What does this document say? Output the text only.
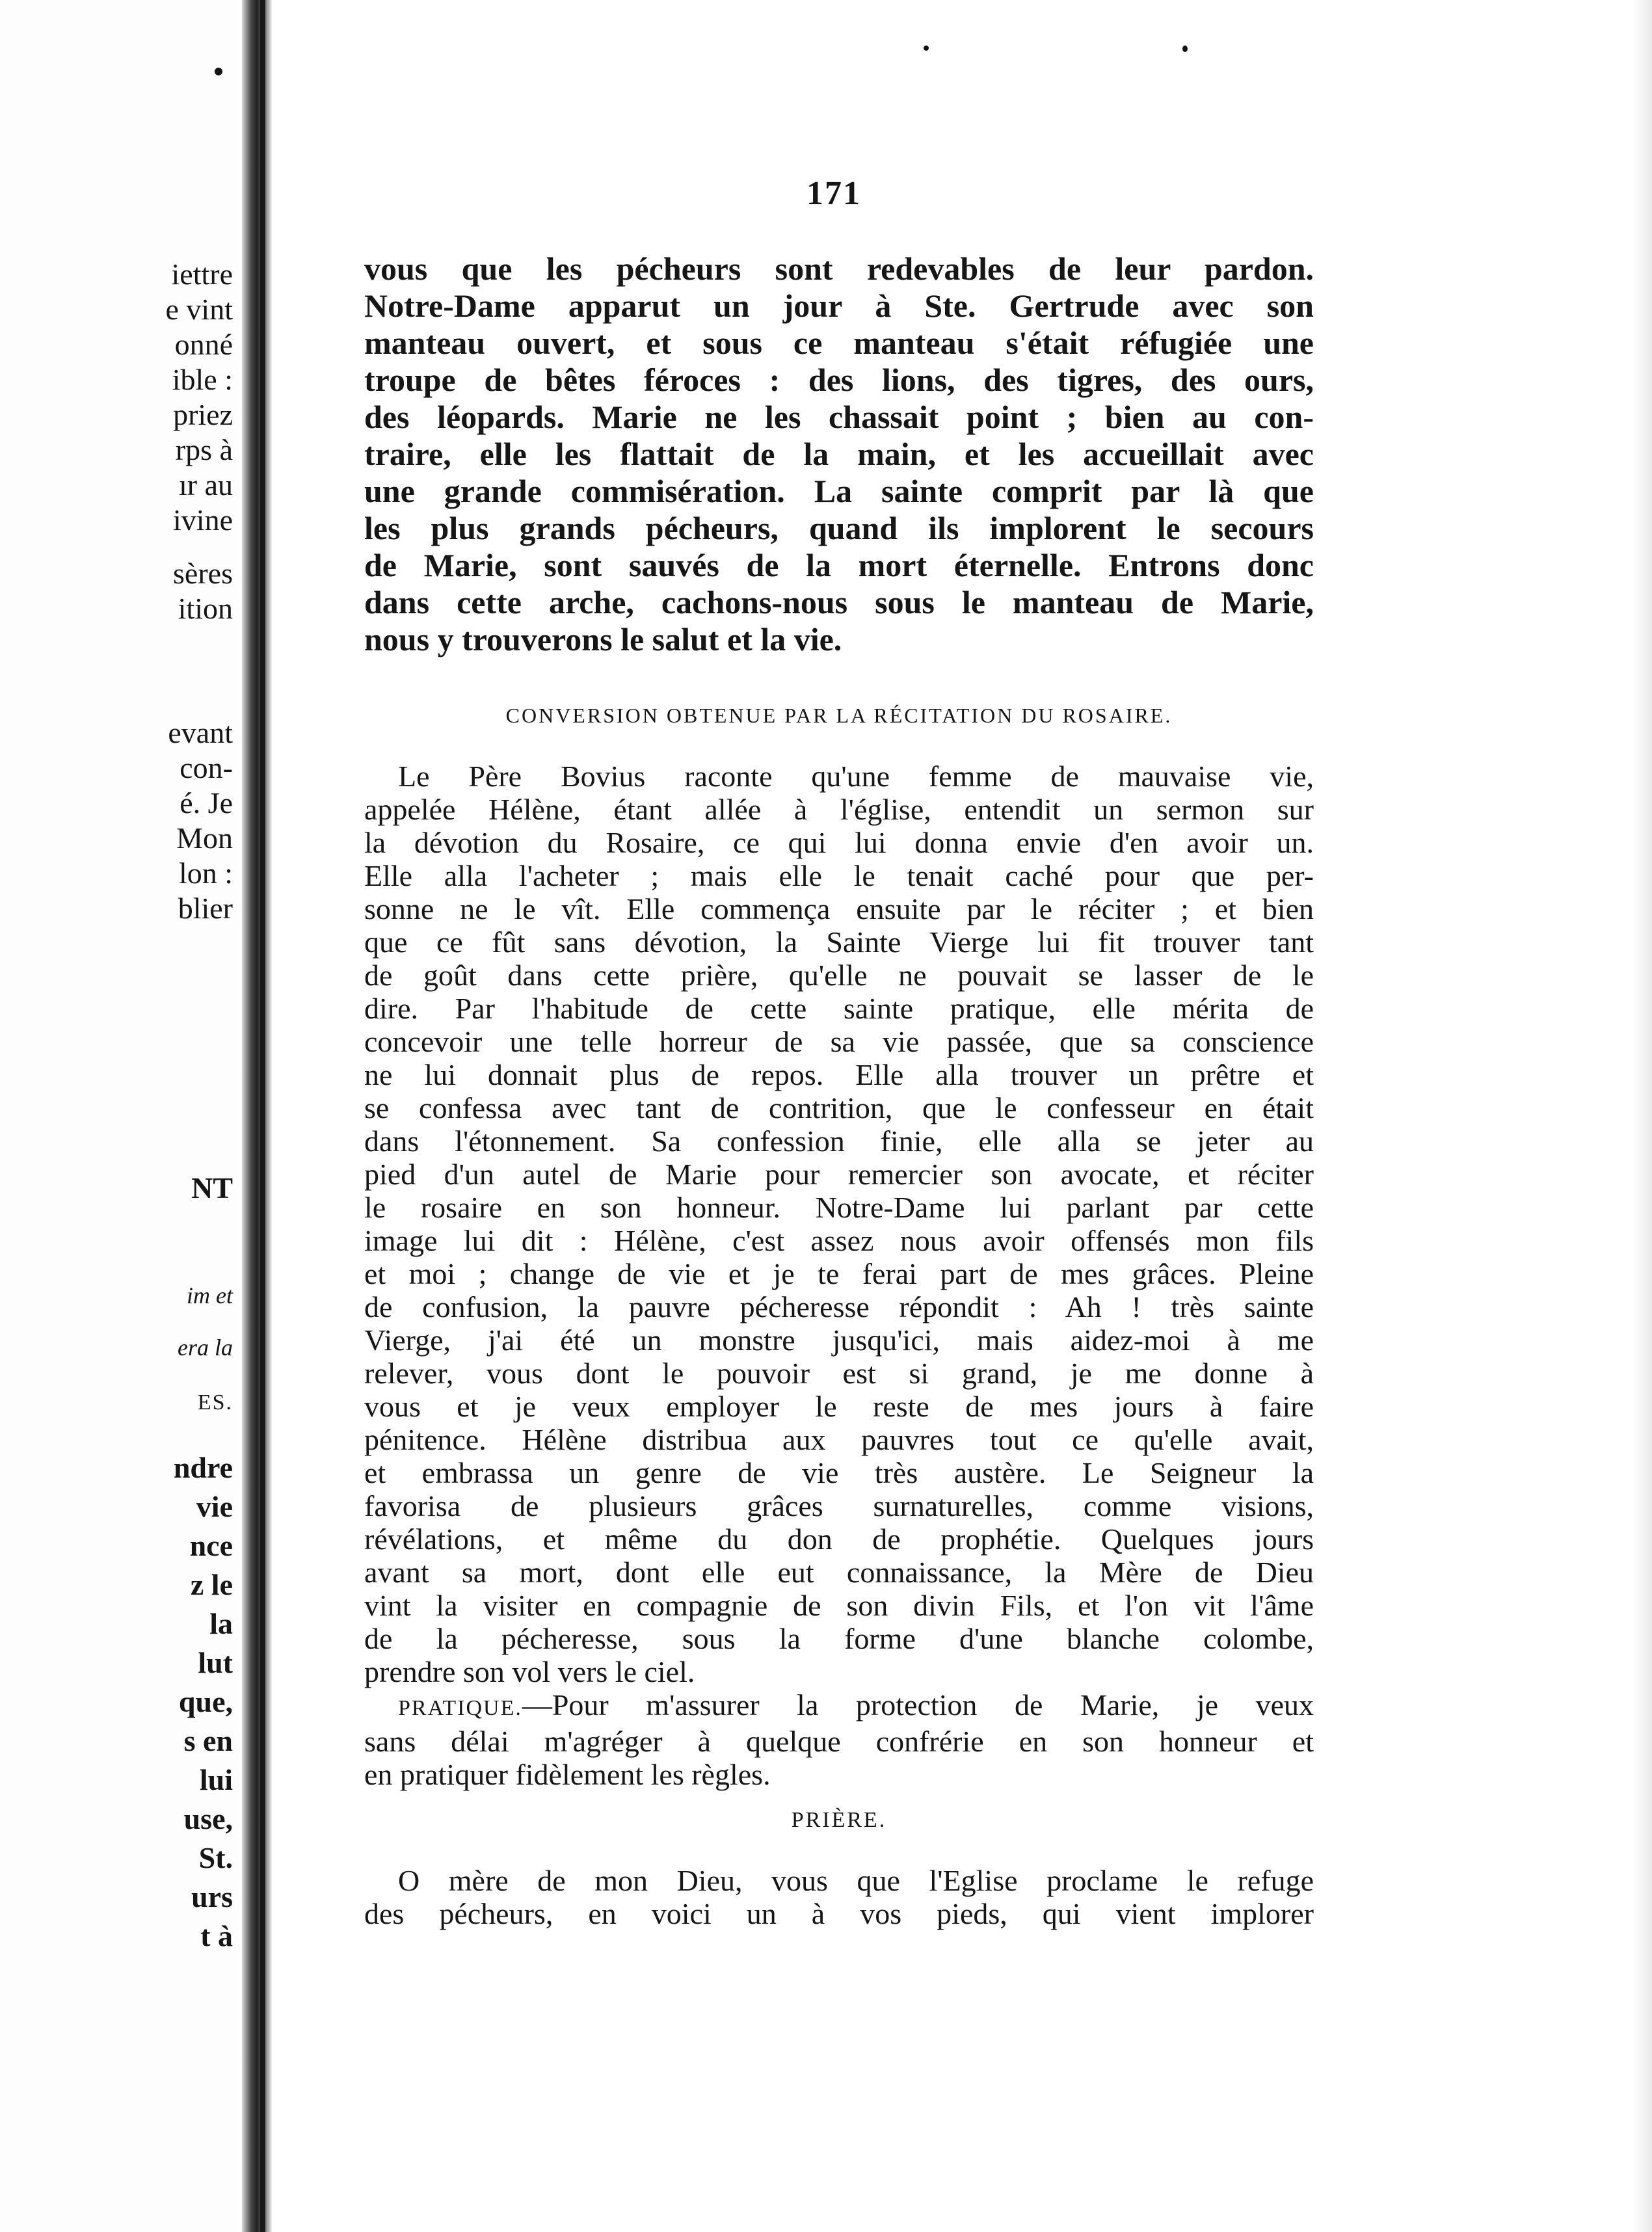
iettre
e vint
onné
ible :
priez
rps à
ır au
ivine
sères
ition
evant
con-
é. Je
Mon
lon :
blier
NT
im et
era la
ES.
ndre
vie
nce
z le
la
lut
que,
s en
lui
use,
St.
urs
t à
171
vous que les pécheurs sont redevables de leur pardon.
Notre-Dame apparut un jour à Ste. Gertrude avec son
manteau ouvert, et sous ce manteau s'était réfugiée une
troupe de bêtes féroces : des lions, des tigres, des ours,
des léopards. Marie ne les chassait point ; bien au con-
traire, elle les flattait de la main, et les accueillait avec
une grande commisération. La sainte comprit par là que
les plus grands pécheurs, quand ils implorent le secours
de Marie, sont sauvés de la mort éternelle. Entrons donc
dans cette arche, cachons-nous sous le manteau de Marie,
nous y trouverons le salut et la vie.
CONVERSION OBTENUE PAR LA RÉCITATION DU ROSAIRE.
Le Père Bovius raconte qu'une femme de mauvaise vie,
appelée Hélène, étant allée à l'église, entendit un sermon sur
la dévotion du Rosaire, ce qui lui donna envie d'en avoir un.
Elle alla l'acheter ; mais elle le tenait caché pour que per-
sonne ne le vît. Elle commença ensuite par le réciter ; et bien
que ce fût sans dévotion, la Sainte Vierge lui fit trouver tant
de goût dans cette prière, qu'elle ne pouvait se lasser de le
dire. Par l'habitude de cette sainte pratique, elle mérita de
concevoir une telle horreur de sa vie passée, que sa conscience
ne lui donnait plus de repos. Elle alla trouver un prêtre et
se confessa avec tant de contrition, que le confesseur en était
dans l'étonnement. Sa confession finie, elle alla se jeter au
pied d'un autel de Marie pour remercier son avocate, et réciter
le rosaire en son honneur. Notre-Dame lui parlant par cette
image lui dit : Hélène, c'est assez nous avoir offensés mon fils
et moi ; change de vie et je te ferai part de mes grâces. Pleine
de confusion, la pauvre pécheresse répondit : Ah ! très sainte
Vierge, j'ai été un monstre jusqu'ici, mais aidez-moi à me
relever, vous dont le pouvoir est si grand, je me donne à
vous et je veux employer le reste de mes jours à faire
pénitence. Hélène distribua aux pauvres tout ce qu'elle avait,
et embrassa un genre de vie très austère. Le Seigneur la
favorisa de plusieurs grâces surnaturelles, comme visions,
révélations, et même du don de prophétie. Quelques jours
avant sa mort, dont elle eut connaissance, la Mère de Dieu
vint la visiter en compagnie de son divin Fils, et l'on vit l'âme
de la pécheresse, sous la forme d'une blanche colombe,
prendre son vol vers le ciel.
PRATIQUE.—Pour m'assurer la protection de Marie, je veux
sans délai m'agréger à quelque confrérie en son honneur et
en pratiquer fidèlement les règles.
PRIÈRE.
O mère de mon Dieu, vous que l'Eglise proclame le refuge
des pécheurs, en voici un à vos pieds, qui vient implorer
